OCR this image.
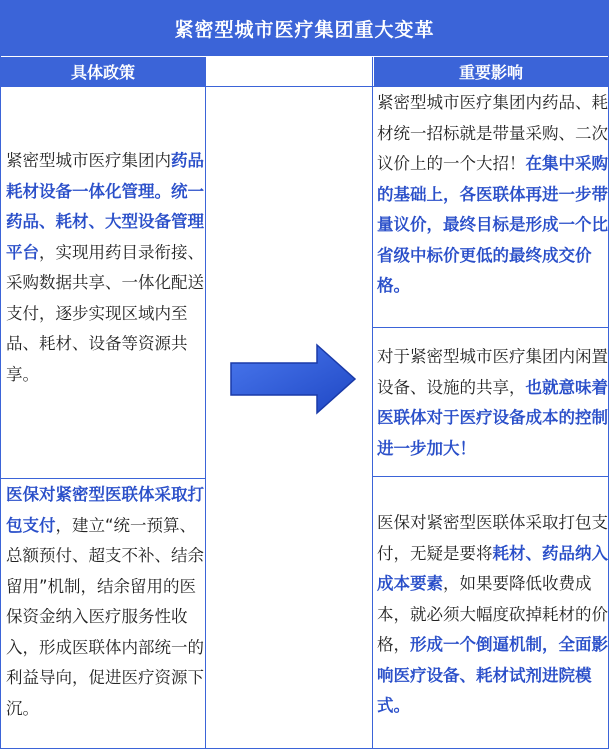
紧密型城市医疗集团重大变革
具体政策	重要影响
紧密型城市医疗集团内药品耗材设备一体化管理。统一药品、耗材、大型设备管理平台，实现用药目录衔接、采购数据共享、一体化配送支付，逐步实现区域内至品、耗材、设备等资源共享。
医保对紧密型医联体采取打包支付，建立“统一预算、总额预付、超支不补、结余留用”机制，结余留用的医保资金纳入医疗服务性收入，形成医联体内部统一的利益导向，促进医疗资源下沉。
紧密型城市医疗集团内药品、耗材统一招标就是带量采购、二次议价上的一个大招！在集中采购的基础上，各医联体再进一步带量议价，最终目标是形成一个比省级中标价更低的最终成交价格。
对于紧密型城市医疗集团内闲置设备、设施的共享，也就意味着医联体对于医疗设备成本的控制进一步加大！
医保对紧密型医联体采取打包支付，无疑是要将耗材、药品纳入成本要素，如果要降低收费成本，就必须大幅度砍掉耗材的价格，形成一个倒逼机制，全面影响医疗设备、耗材试剂进院模式。
